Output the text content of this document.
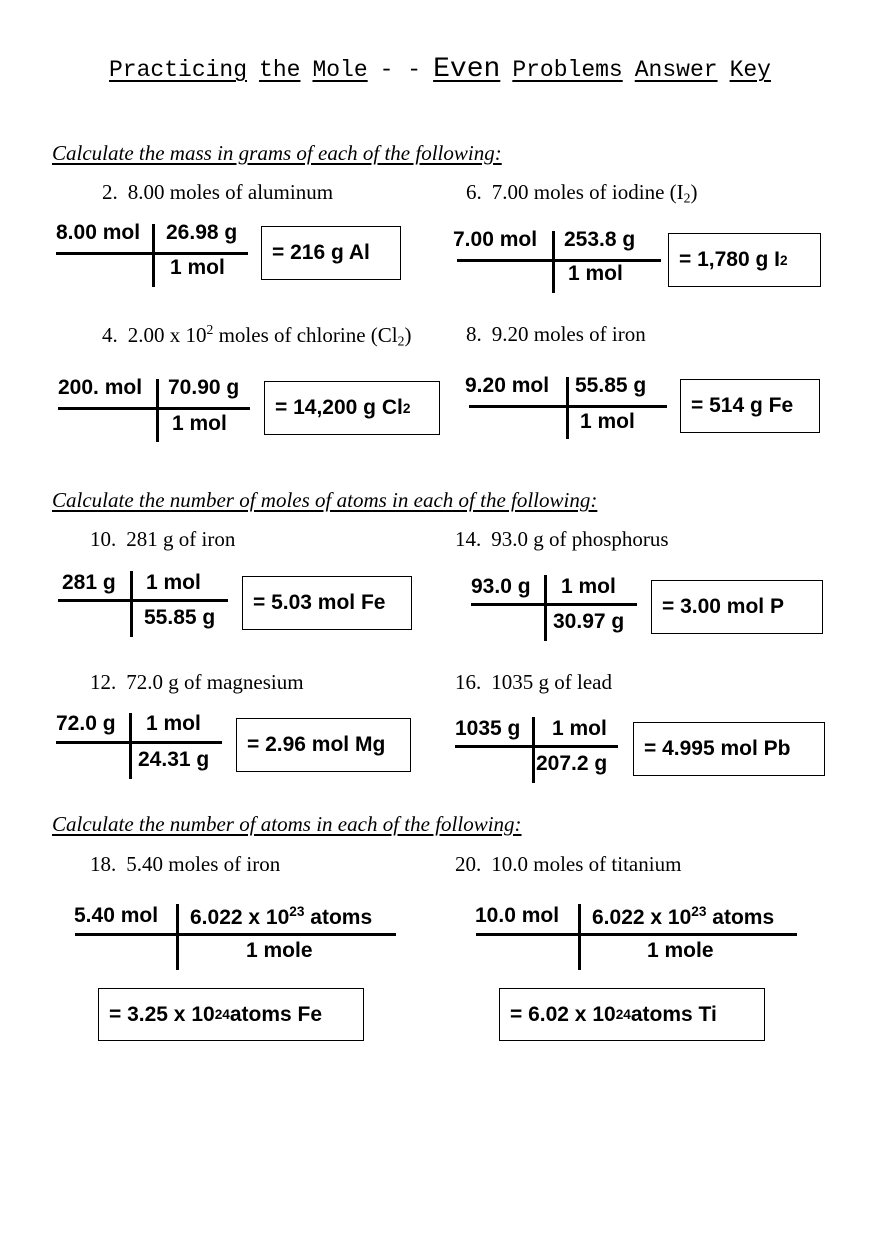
Practicing the Mole - - Even Problems Answer Key
Calculate the mass in grams of each of the following:
2. 8.00 moles of aluminum
8.00 mol 26.98 g
1 mol
= 216 g Al
6. 7.00 moles of iodine $(I_2)$
7.00 mol 253.8 g
1 mol
= 1,780 g I 2
4. 2.00 x $10^2$ moles of chlorine $(Cl_2)$
200. mol 70.90 g
1 mol
= 14,200 g Cl 2
8. 9.20 moles of iron
9.20 mol 55.85 g
1 mol
= 514 g Fe
Calculate the number of moles of atoms in each of the following:
10. 281 g of iron
281 g 1 mol
55.85 g
= 5.03 mol Fe
14. 93.0 g of phosphorus
93.0 g 1 mol
30.97 g
= 3.00 mol P
12. 72.0 g of magnesium
72.0 g 1 mol
24.31 g
= 2.96 mol Mg
16. 1035 g of lead
1035 g 1 mol
207.2 g
= 4.995 mol Pb
Calculate the number of atoms in each of the following:
18. 5.40 moles of iron
5.40 mol 6.022 x $10^{23}$ atoms
1 mole
= 3.25 x 10 24 atoms Fe
20. 10.0 moles of titanium
10.0 mol 6.022 x $10^{23}$ atoms
1 mole
= 6.02 x 10 24 atoms Ti
